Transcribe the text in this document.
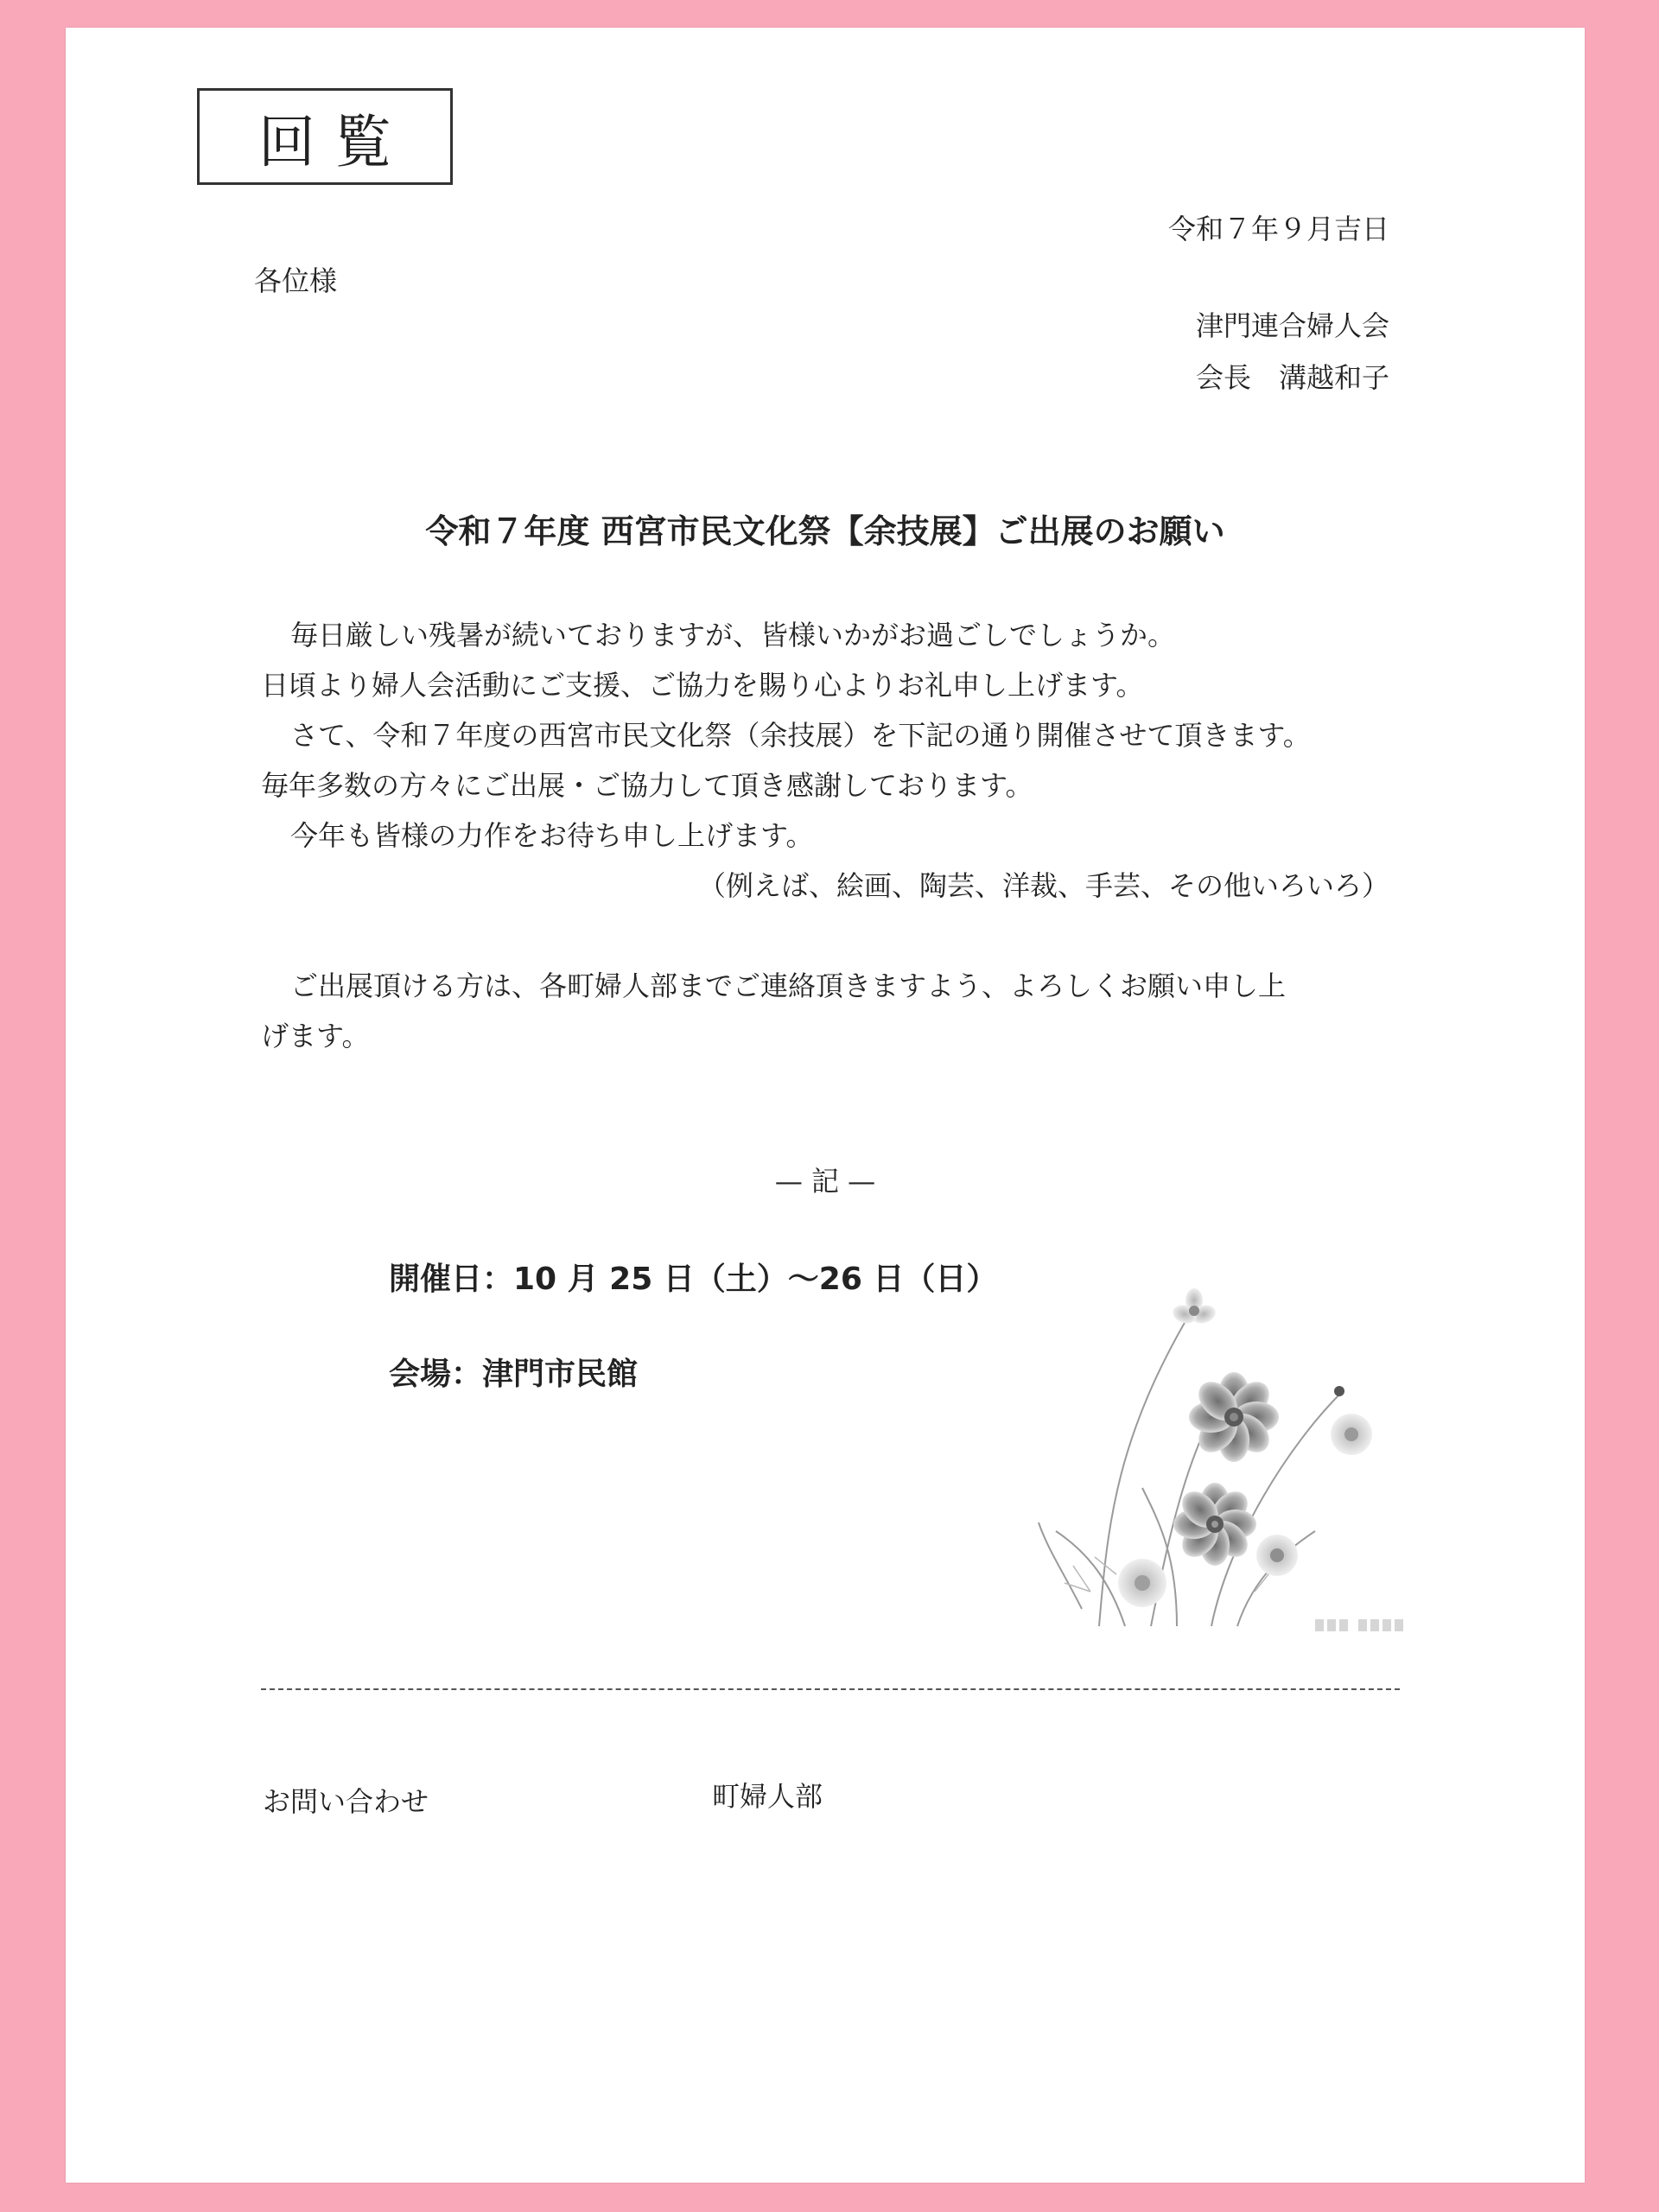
回覧
令和７年９月吉日
各位様
津門連合婦人会
会長　溝越和子
令和７年度 西宮市民文化祭【余技展】ご出展のお願い

毎日厳しい残暑が続いておりますが、皆様いかがお過ごしでしょうか。

日頃より婦人会活動にご支援、ご協力を賜り心よりお礼申し上げます。

さて、令和７年度の西宮市民文化祭（余技展）を下記の通り開催させて頂きます。

毎年多数の方々にご出展・ご協力して頂き感謝しております。

今年も皆様の力作をお待ち申し上げます。

（例えば、絵画、陶芸、洋裁、手芸、その他いろいろ）

ご出展頂ける方は、各町婦人部までご連絡頂きますよう、よろしくお願い申し上

げます。

— 記 —
開催日：10 月 25 日（土）～26 日（日）
会場：津門市民館
お問い合わせ	町婦人部
